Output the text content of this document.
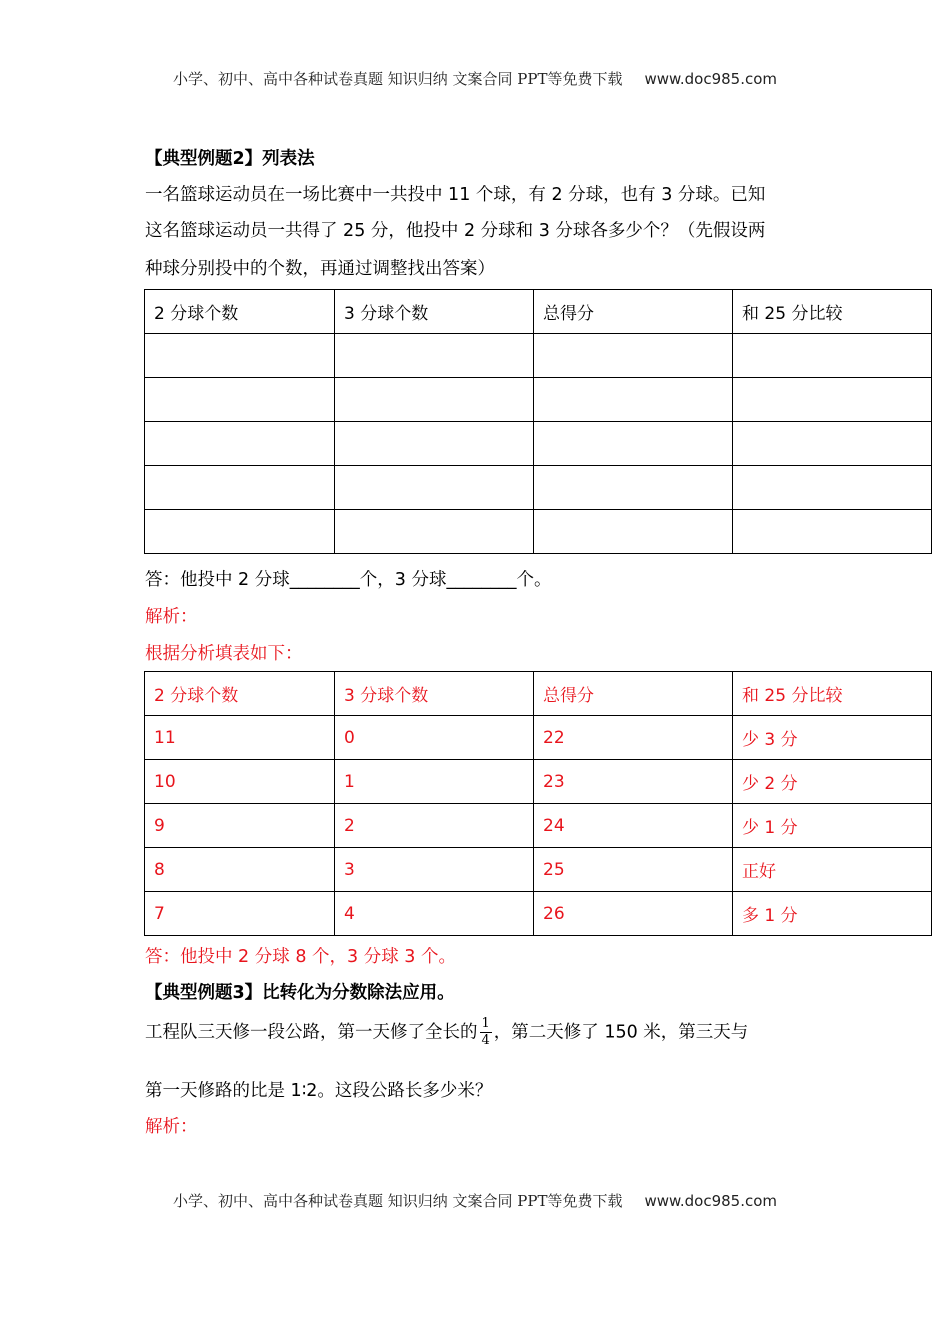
小学、初中、高中各种试卷真题 知识归纳 文案合同 PPT等免费下载 www.doc985.com
【典型例题2】列表法
一名篮球运动员在一场比赛中一共投中 11 个球，有 2 分球，也有 3 分球。已知
这名篮球运动员一共得了 25 分，他投中 2 分球和 3 分球各多少个？（先假设两
种球分别投中的个数，再通过调整找出答案）
2 分球个数	3 分球个数	总得分	和 25 分比较

答：他投中 2 分球________个，3 分球________个。
解析：
根据分析填表如下：
2 分球个数	3 分球个数	总得分	和 25 分比较
11	0	22	少 3 分
10	1	23	少 2 分
9	2	24	少 1 分
8	3	25	正好
7	4	26	多 1 分
答：他投中 2 分球 8 个，3 分球 3 个。
【典型例题3】比转化为分数除法应用。
工程队三天修一段公路，第一天修了全长的 $\frac{1}{4}$ ，第二天修了 150 米，第三天与
第一天修路的比是 1∶2。这段公路长多少米？
解析：
小学、初中、高中各种试卷真题 知识归纳 文案合同 PPT等免费下载 www.doc985.com
